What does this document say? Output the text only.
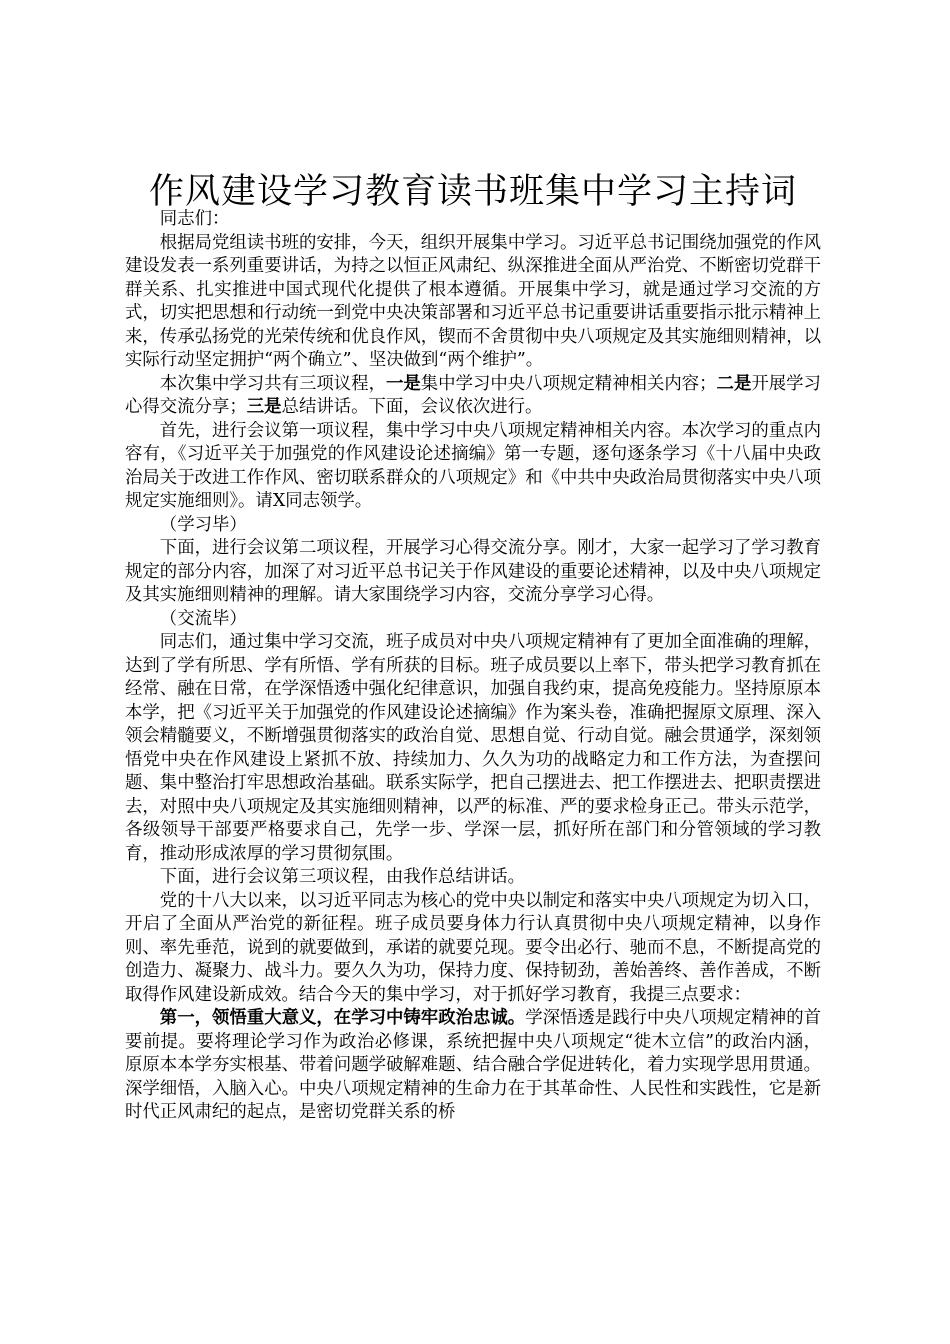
作风建设学习教育读书班集中学习主持词

同志们：

根据局党组读书班的安排，今天，组织开展集中学习。习近平总书记围绕加强党的作风建设发表一系列重要讲话，为持之以恒正风肃纪、纵深推进全面从严治党、不断密切党群干群关系、扎实推进中国式现代化提供了根本遵循。开展集中学习，就是通过学习交流的方式，切实把思想和行动统一到党中央决策部署和习近平总书记重要讲话重要指示批示精神上来，传承弘扬党的光荣传统和优良作风，锲而不舍贯彻中央八项规定及其实施细则精神，以实际行动坚定拥护“两个确立”、坚决做到“两个维护”。

本次集中学习共有三项议程，一是集中学习中央八项规定精神相关内容；二是开展学习心得交流分享；三是总结讲话。下面，会议依次进行。

首先，进行会议第一项议程，集中学习中央八项规定精神相关内容。本次学习的重点内容有，《习近平关于加强党的作风建设论述摘编》第一专题，逐句逐条学习《十八届中央政治局关于改进工作作风、密切联系群众的八项规定》和《中共中央政治局贯彻落实中央八项规定实施细则》。请X同志领学。

（学习毕）

下面，进行会议第二项议程，开展学习心得交流分享。刚才，大家一起学习了学习教育规定的部分内容，加深了对习近平总书记关于作风建设的重要论述精神，以及中央八项规定及其实施细则精神的理解。请大家围绕学习内容，交流分享学习心得。

（交流毕）

同志们，通过集中学习交流，班子成员对中央八项规定精神有了更加全面准确的理解，达到了学有所思、学有所悟、学有所获的目标。班子成员要以上率下，带头把学习教育抓在经常、融在日常，在学深悟透中强化纪律意识，加强自我约束，提高免疫能力。坚持原原本本学，把《习近平关于加强党的作风建设论述摘编》作为案头卷，准确把握原文原理、深入领会精髓要义，不断增强贯彻落实的政治自觉、思想自觉、行动自觉。融会贯通学，深刻领悟党中央在作风建设上紧抓不放、持续加力、久久为功的战略定力和工作方法，为查摆问题、集中整治打牢思想政治基础。联系实际学，把自己摆进去、把工作摆进去、把职责摆进去，对照中央八项规定及其实施细则精神，以严的标准、严的要求检身正己。带头示范学，各级领导干部要严格要求自己，先学一步、学深一层，抓好所在部门和分管领域的学习教育，推动形成浓厚的学习贯彻氛围。

下面，进行会议第三项议程，由我作总结讲话。

党的十八大以来，以习近平同志为核心的党中央以制定和落实中央八项规定为切入口，开启了全面从严治党的新征程。班子成员要身体力行认真贯彻中央八项规定精神，以身作则、率先垂范，说到的就要做到，承诺的就要兑现。要令出必行、驰而不息，不断提高党的创造力、凝聚力、战斗力。要久久为功，保持力度、保持韧劲，善始善终、善作善成，不断取得作风建设新成效。结合今天的集中学习，对于抓好学习教育，我提三点要求：

第一，领悟重大意义，在学习中铸牢政治忠诚。学深悟透是践行中央八项规定精神的首要前提。要将理论学习作为政治必修课，系统把握中央八项规定“徙木立信”的政治内涵，原原本本学夯实根基、带着问题学破解难题、结合融合学促进转化，着力实现学思用贯通。深学细悟，入脑入心。中央八项规定精神的生命力在于其革命性、人民性和实践性，它是新时代正风肃纪的起点，是密切党群关系的桥
